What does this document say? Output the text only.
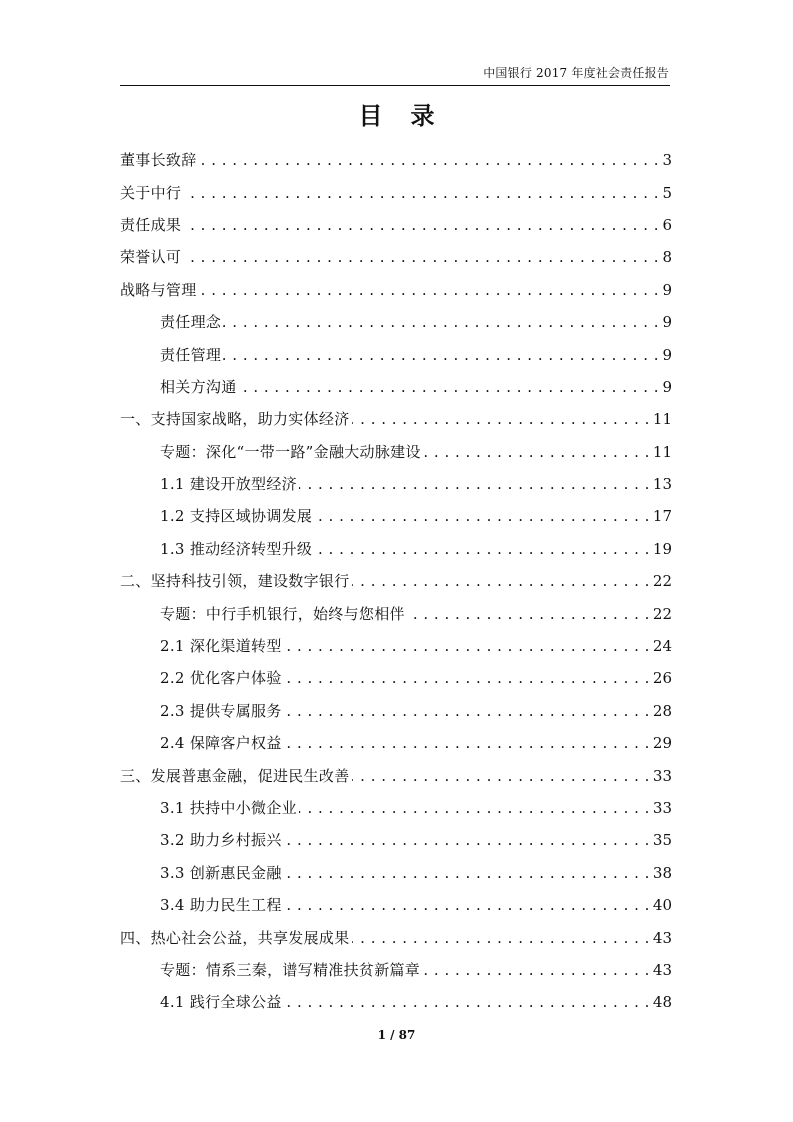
中国银行 2017 年度社会责任报告
目录
董事长致辞 . . .	3
关于中行 . . .	5
责任成果 . . .	6
荣誉认可 . . .	8
战略与管理 . . .	9
责任理念 . . .	9
责任管理 . . .	9
相关方沟通 . . .	9
一、支持国家战略，助力实体经济 . . .	11
专题：深化“一带一路”金融大动脉建设 . . .	11
1.1 建设开放型经济 . . .	13
1.2 支持区域协调发展 . . .	17
1.3 推动经济转型升级 . . .	19
二、坚持科技引领，建设数字银行 . . .	22
专题：中行手机银行，始终与您相伴 . . .	22
2.1 深化渠道转型 . . .	24
2.2 优化客户体验 . . .	26
2.3 提供专属服务 . . .	28
2.4 保障客户权益 . . .	29
三、发展普惠金融，促进民生改善 . . .	33
3.1 扶持中小微企业 . . .	33
3.2 助力乡村振兴 . . .	35
3.3 创新惠民金融 . . .	38
3.4 助力民生工程 . . .	40
四、热心社会公益，共享发展成果 . . .	43
专题：情系三秦，谱写精准扶贫新篇章 . . .	43
4.1 践行全球公益 . . .	48
1 / 87
